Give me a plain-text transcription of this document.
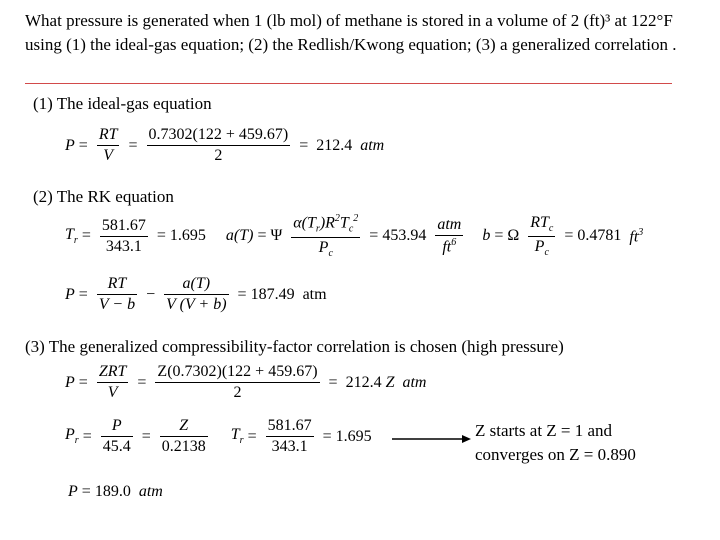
What pressure is generated when 1 (lb mol) of methane is stored in a volume of 2 (ft)³ at 122°F using (1) the ideal-gas equation; (2) the Redlish/Kwong equation; (3) a generalized correlation .
(1) The ideal-gas equation
$P = \frac{RT}{V} = \frac{0.7302(122 + 459.67)}{2} = 212.4$ atm
(2) The RK equation
$T_r = \frac{581.67}{343.1} = 1.695$ a(T) = Ψ $\frac{\alpha(T_r)R^2T_c^2}{P_c} = 453.94 \frac{\text{atm}}{ft^6}$ b = Ω $\frac{RT_c}{P_c} = 0.4781$ $ft^3$
$P = \frac{RT}{V - b} - \frac{a(T)}{V (V + b)} = 187.49$ atm
(3) The generalized compressibility-factor correlation is chosen (high pressure)
$P = \frac{\text{ZRT}}{V} = \frac{Z(0.7302)(122 + 459.67)}{2} = 212.4$ Z atm
$P_r = \frac{P}{45.4} = \frac{Z}{0.2138} T_r = \frac{581.67}{343.1} = 1.695$	Z starts at Z = 1 and
converges on Z = 0.890
P = 189.0 atm
